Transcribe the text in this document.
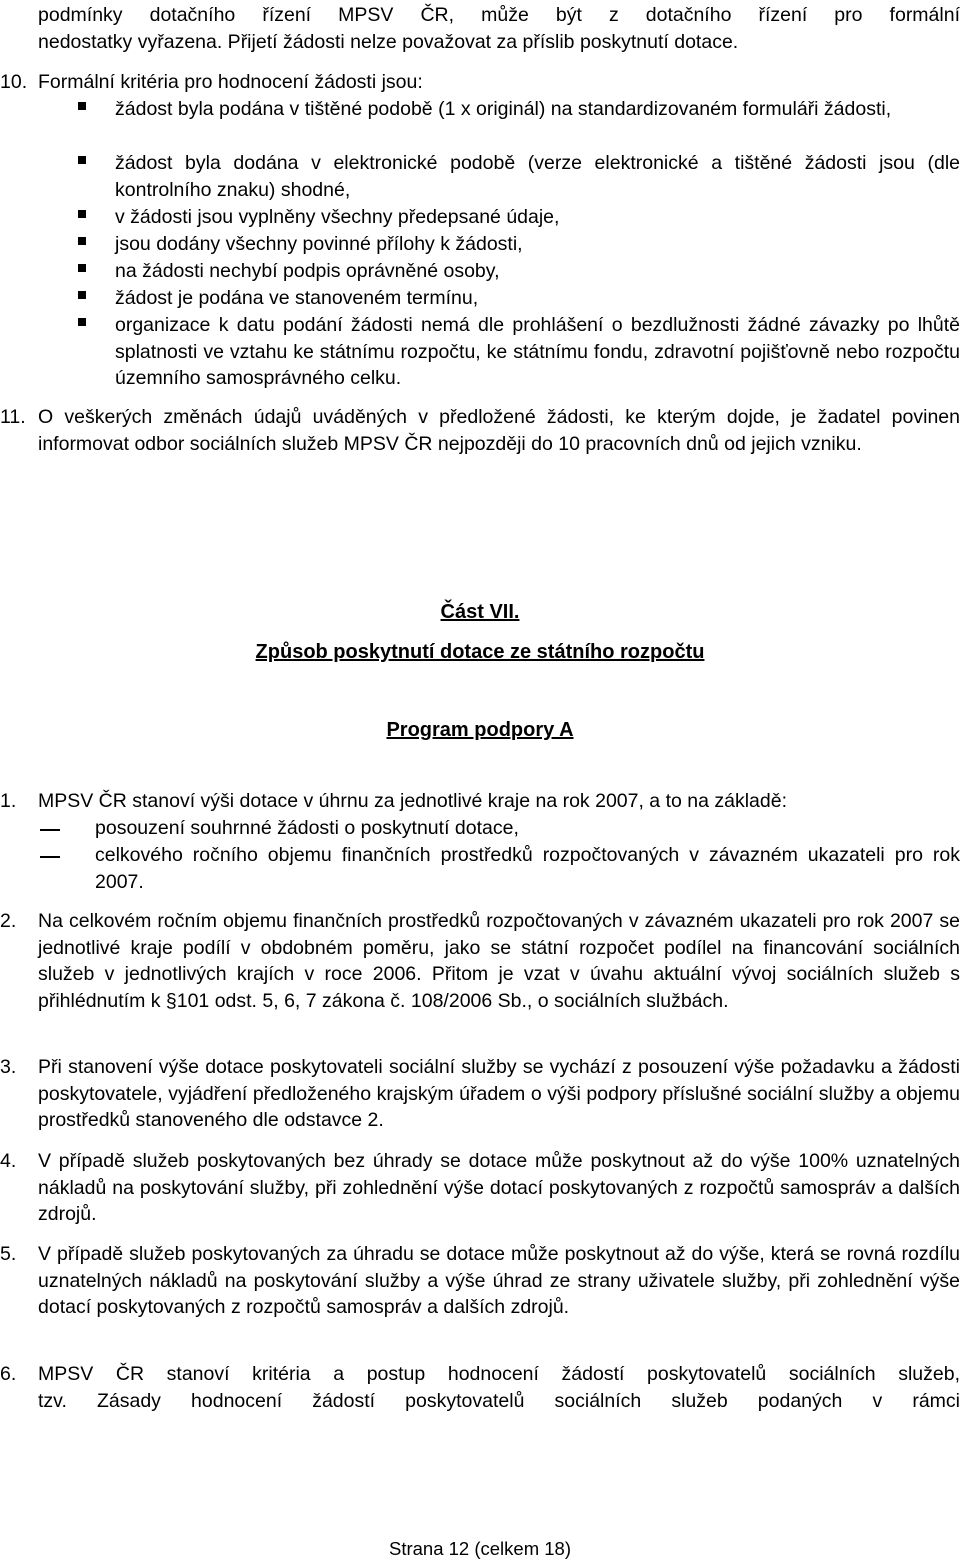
podmínky dotačního řízení MPSV ČR, může být z dotačního řízení pro formální
nedostatky vyřazena. Přijetí žádosti nelze považovat za příslib poskytnutí dotace.
10. Formální kritéria pro hodnocení žádosti jsou:
žádost byla podána v tištěné podobě (1 x originál) na standardizovaném formuláři žádosti,
žádost byla dodána v elektronické podobě (verze elektronické a tištěné žádosti jsou (dle kontrolního znaku) shodné,
v žádosti jsou vyplněny všechny předepsané údaje,
jsou dodány všechny povinné přílohy k žádosti,
na žádosti nechybí podpis oprávněné osoby,
žádost je podána ve stanoveném termínu,
organizace k datu podání žádosti nemá dle prohlášení o bezdlužnosti žádné závazky po lhůtě splatnosti ve vztahu ke státnímu rozpočtu, ke státnímu fondu, zdravotní pojišťovně nebo rozpočtu územního samosprávného celku.
11. O veškerých změnách údajů uváděných v předložené žádosti, ke kterým dojde, je žadatel povinen informovat odbor sociálních služeb MPSV ČR nejpozději do 10 pracovních dnů od jejich vzniku.
Část VII.
Způsob poskytnutí dotace ze státního rozpočtu
Program podpory A
1. MPSV ČR stanoví výši dotace v úhrnu za jednotlivé kraje na rok 2007, a to na základě:
posouzení souhrnné žádosti o poskytnutí dotace,
celkového ročního objemu finančních prostředků rozpočtovaných v závazném ukazateli pro rok 2007.
2. Na celkovém ročním objemu finančních prostředků rozpočtovaných v závazném ukazateli pro rok 2007 se jednotlivé kraje podílí v obdobném poměru, jako se státní rozpočet podílel na financování sociálních služeb v jednotlivých krajích v roce 2006. Přitom je vzat v úvahu aktuální vývoj sociálních služeb s přihlédnutím k §101 odst. 5, 6, 7 zákona č. 108/2006 Sb., o sociálních službách.
3. Při stanovení výše dotace poskytovateli sociální služby se vychází z posouzení výše požadavku a žádosti poskytovatele, vyjádření předloženého krajským úřadem o výši podpory příslušné sociální služby a objemu prostředků stanoveného dle odstavce 2.
4. V případě služeb poskytovaných bez úhrady se dotace může poskytnout až do výše 100% uznatelných nákladů na poskytování služby, při zohlednění výše dotací poskytovaných z rozpočtů samospráv a dalších zdrojů.
5. V případě služeb poskytovaných za úhradu se dotace může poskytnout až do výše, která se rovná rozdílu uznatelných nákladů na poskytování služby a výše úhrad ze strany uživatele služby, při zohlednění výše dotací poskytovaných z rozpočtů samospráv a dalších zdrojů.
6. MPSV ČR stanoví kritéria a postup hodnocení žádostí poskytovatelů sociálních služeb,
tzv. Zásady hodnocení žádostí poskytovatelů sociálních služeb podaných v rámci
Strana 12 (celkem 18)
